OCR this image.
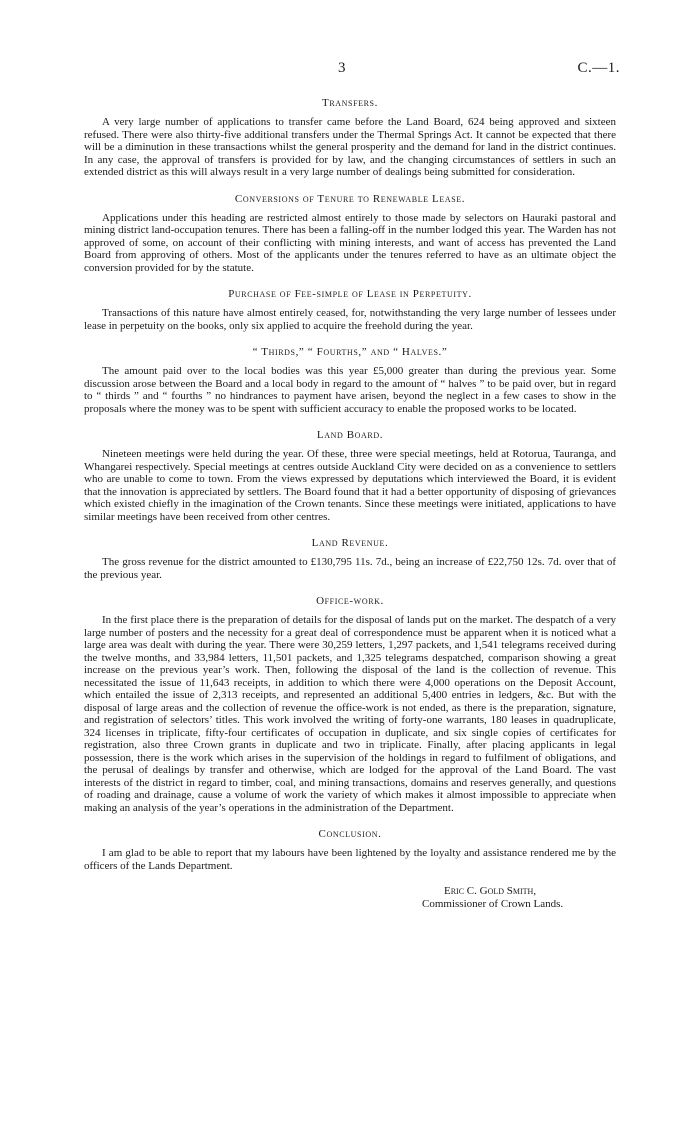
3	C.—1.
Transfers.

A very large number of applications to transfer came before the Land Board, 624 being approved and sixteen refused. There were also thirty-five additional transfers under the Thermal Springs Act. It cannot be expected that there will be a diminution in these transactions whilst the general prosperity and the demand for land in the district continues. In any case, the approval of transfers is provided for by law, and the changing circumstances of settlers in such an extended district as this will always result in a very large number of dealings being submitted for consideration.

Conversions of Tenure to Renewable Lease.

Applications under this heading are restricted almost entirely to those made by selectors on Hauraki pastoral and mining district land-occupation tenures. There has been a falling-off in the number lodged this year. The Warden has not approved of some, on account of their conflicting with mining interests, and want of access has prevented the Land Board from approving of others. Most of the applicants under the tenures referred to have as an ultimate object the conversion provided for by the statute.

Purchase of Fee-simple of Lease in Perpetuity.

Transactions of this nature have almost entirely ceased, for, notwithstanding the very large number of lessees under lease in perpetuity on the books, only six applied to acquire the freehold during the year.

“ Thirds,” “ Fourths,” and “ Halves.”

The amount paid over to the local bodies was this year £5,000 greater than during the previous year. Some discussion arose between the Board and a local body in regard to the amount of “ halves ” to be paid over, but in regard to “ thirds ” and “ fourths ” no hindrances to payment have arisen, beyond the neglect in a few cases to show in the proposals where the money was to be spent with sufficient accuracy to enable the proposed works to be located.

Land Board.

Nineteen meetings were held during the year. Of these, three were special meetings, held at Rotorua, Tauranga, and Whangarei respectively. Special meetings at centres outside Auckland City were decided on as a convenience to settlers who are unable to come to town. From the views expressed by deputations which interviewed the Board, it is evident that the innovation is appreciated by settlers. The Board found that it had a better opportunity of disposing of grievances which existed chiefly in the imagination of the Crown tenants. Since these meetings were initiated, applications to have similar meetings have been received from other centres.

Land Revenue.

The gross revenue for the district amounted to £130,795 11s. 7d., being an increase of £22,750 12s. 7d. over that of the previous year.

Office-work.

In the first place there is the preparation of details for the disposal of lands put on the market. The despatch of a very large number of posters and the necessity for a great deal of correspondence must be apparent when it is noticed what a large area was dealt with during the year. There were 30,259 letters, 1,297 packets, and 1,541 telegrams received during the twelve months, and 33,984 letters, 11,501 packets, and 1,325 telegrams despatched, comparison showing a great increase on the previous year’s work. Then, following the disposal of the land is the collection of revenue. This necessitated the issue of 11,643 receipts, in addition to which there were 4,000 operations on the Deposit Account, which entailed the issue of 2,313 receipts, and represented an additional 5,400 entries in ledgers, &c. But with the disposal of large areas and the collection of revenue the office-work is not ended, as there is the preparation, signature, and registration of selectors’ titles. This work involved the writing of forty-one warrants, 180 leases in quadruplicate, 324 licenses in triplicate, fifty-four certificates of occupation in duplicate, and six single copies of certificates for registration, also three Crown grants in duplicate and two in triplicate. Finally, after placing applicants in legal possession, there is the work which arises in the supervision of the holdings in regard to fulfilment of obligations, and the perusal of dealings by transfer and otherwise, which are lodged for the approval of the Land Board. The vast interests of the district in regard to timber, coal, and mining transactions, domains and reserves generally, and questions of roading and drainage, cause a volume of work the variety of which makes it almost impossible to appreciate when making an analysis of the year’s operations in the administration of the Department.

Conclusion.

I am glad to be able to report that my labours have been lightened by the loyalty and assistance rendered me by the officers of the Lands Department.

Eric C. Gold Smith,
Commissioner of Crown Lands.
